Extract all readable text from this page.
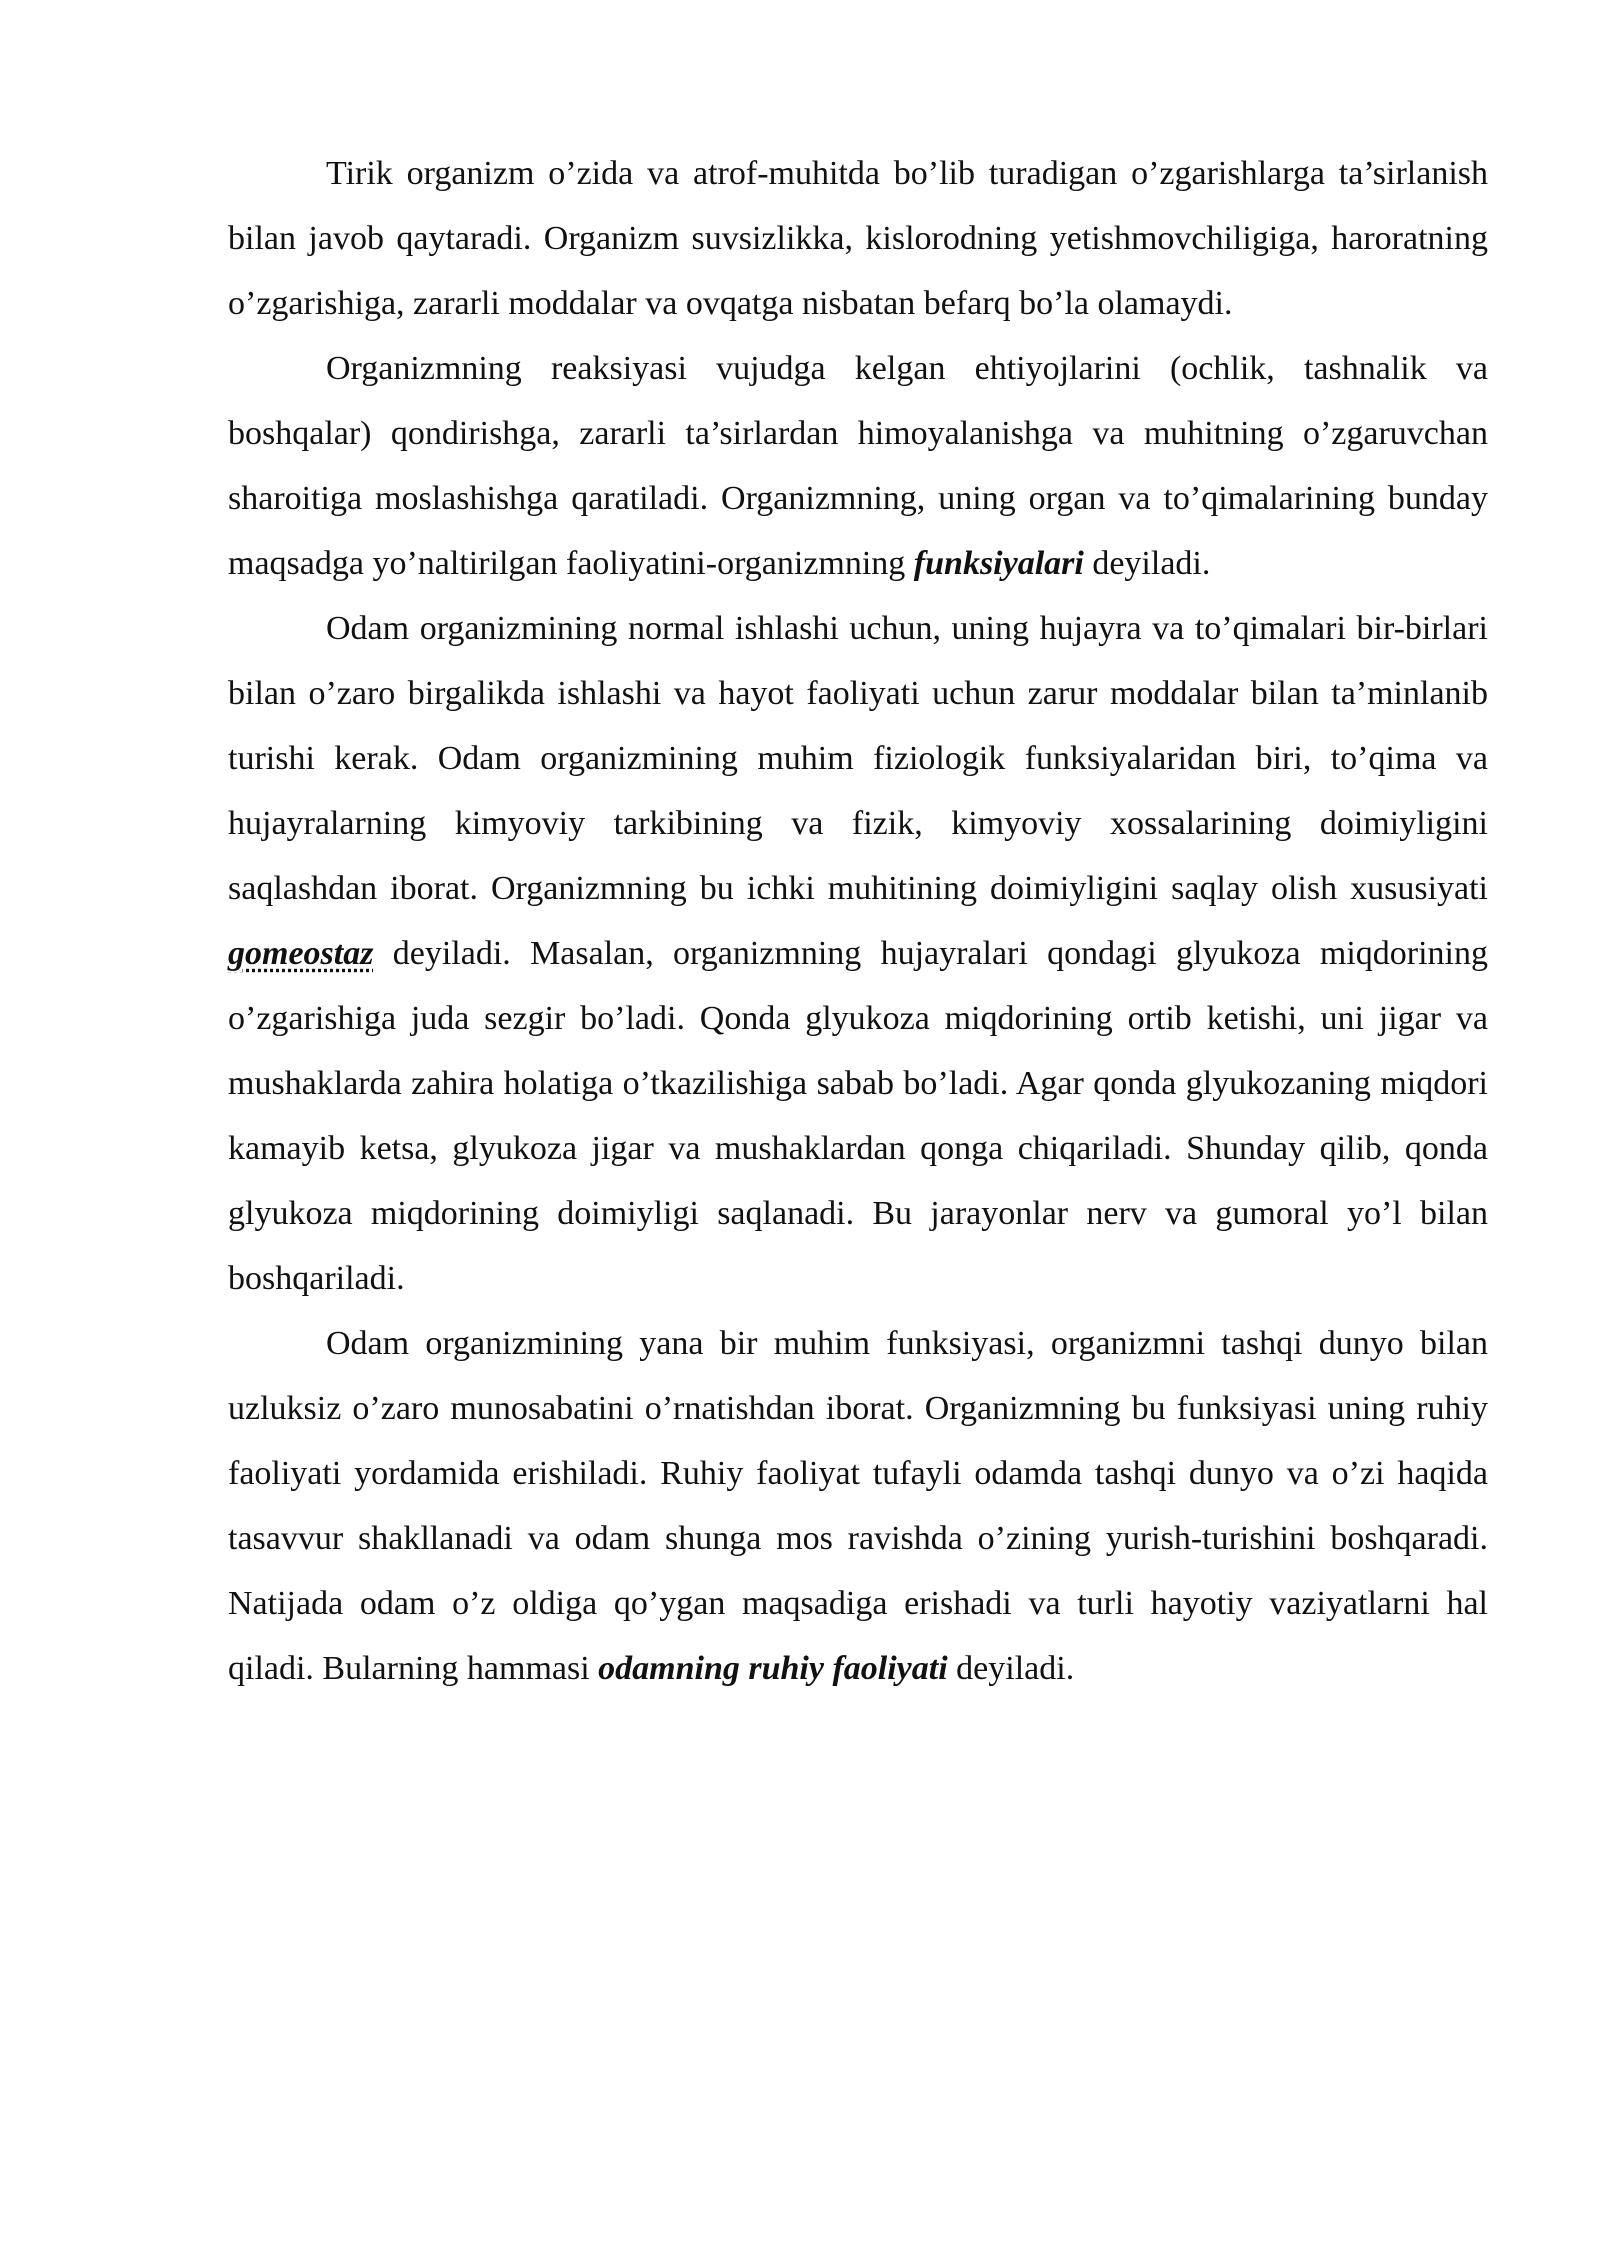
Tirik organizm o’zida va atrof-muhitda bo’lib turadigan o’zgarishlarga ta’sirlanish bilan javob qaytaradi. Organizm suvsizlikka, kislorodning yetishmovchiligiga, haroratning o’zgarishiga, zararli moddalar va ovqatga nisbatan befarq bo’la olamaydi.

Organizmning reaksiyasi vujudga kelgan ehtiyojlarini (ochlik, tashnalik va boshqalar) qondirishga, zararli ta’sirlardan himoyalanishga va muhitning o’zgaruvchan sharoitiga moslashishga qaratiladi. Organizmning, uning organ va to’qimalarining bunday maqsadga yo’naltirilgan faoliyatini-organizmning funksiyalari deyiladi.

Odam organizmining normal ishlashi uchun, uning hujayra va to’qimalari bir-birlari bilan o’zaro birgalikda ishlashi va hayot faoliyati uchun zarur moddalar bilan ta’minlanib turishi kerak. Odam organizmining muhim fiziologik funksiyalaridan biri, to’qima va hujayralarning kimyoviy tarkibining va fizik, kimyoviy xossalarining doimiyligini saqlashdan iborat. Organizmning bu ichki muhitining doimiyligini saqlay olish xususiyati gomeostaz deyiladi. Masalan, organizmning hujayralari qondagi glyukoza miqdorining o’zgarishiga juda sezgir bo’ladi. Qonda glyukoza miqdorining ortib ketishi, uni jigar va mushaklarda zahira holatiga o’tkazilishiga sabab bo’ladi. Agar qonda glyukozaning miqdori kamayib ketsa, glyukoza jigar va mushaklardan qonga chiqariladi. Shunday qilib, qonda glyukoza miqdorining doimiyligi saqlanadi. Bu jarayonlar nerv va gumoral yo’l bilan boshqariladi.

Odam organizmining yana bir muhim funksiyasi, organizmni tashqi dunyo bilan uzluksiz o’zaro munosabatini o’rnatishdan iborat. Organizmning bu funksiyasi uning ruhiy faoliyati yordamida erishiladi. Ruhiy faoliyat tufayli odamda tashqi dunyo va o’zi haqida tasavvur shakllanadi va odam shunga mos ravishda o’zining yurish-turishini boshqaradi. Natijada odam o’z oldiga qo’ygan maqsadiga erishadi va turli hayotiy vaziyatlarni hal qiladi. Bularning hammasi odamning ruhiy faoliyati deyiladi.
